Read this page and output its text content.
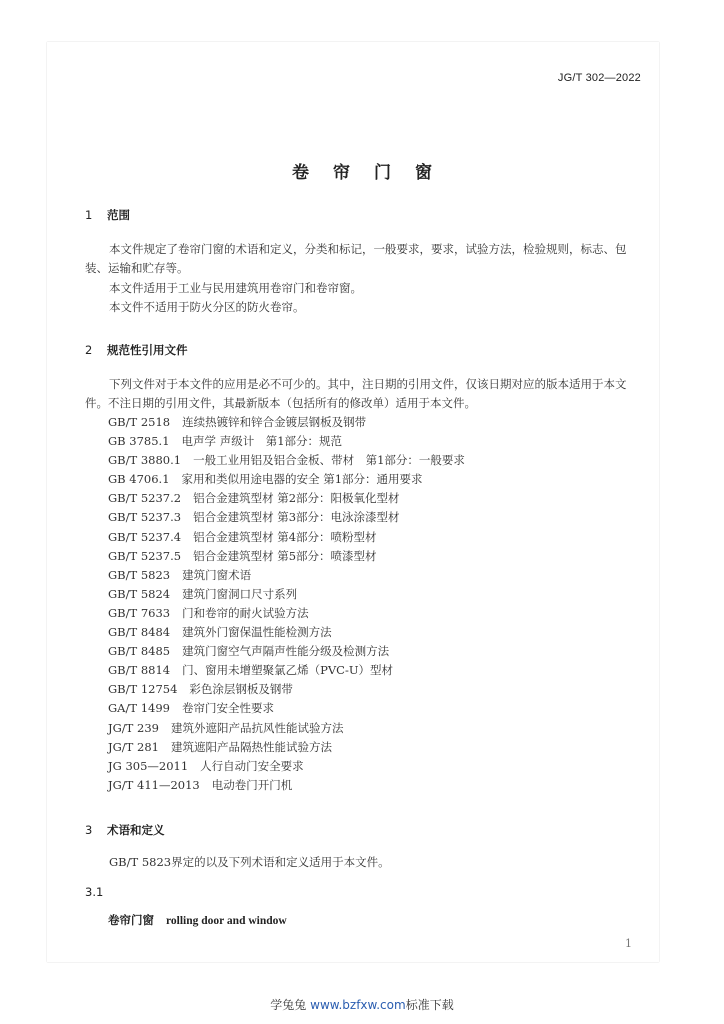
JG/T 302—2022
卷帘门窗
1 范围
本文件规定了卷帘门窗的术语和定义，分类和标记，一般要求，要求，试验方法，检验规则，标志、包装、运输和贮存等。
本文件适用于工业与民用建筑用卷帘门和卷帘窗。
本文件不适用于防火分区的防火卷帘。
2 规范性引用文件
下列文件对于本文件的应用是必不可少的。其中，注日期的引用文件，仅该日期对应的版本适用于本文件。不注日期的引用文件，其最新版本（包括所有的修改单）适用于本文件。
GB/T 2518 连续热镀锌和锌合金镀层钢板及钢带
GB 3785.1 电声学 声级计　第1部分：规范
GB/T 3880.1 一般工业用铝及铝合金板、带材　第1部分：一般要求
GB 4706.1 家用和类似用途电器的安全 第1部分：通用要求
GB/T 5237.2 铝合金建筑型材 第2部分：阳极氧化型材
GB/T 5237.3 铝合金建筑型材 第3部分：电泳涂漆型材
GB/T 5237.4 铝合金建筑型材 第4部分：喷粉型材
GB/T 5237.5 铝合金建筑型材 第5部分：喷漆型材
GB/T 5823 建筑门窗术语
GB/T 5824 建筑门窗洞口尺寸系列
GB/T 7633 门和卷帘的耐火试验方法
GB/T 8484 建筑外门窗保温性能检测方法
GB/T 8485 建筑门窗空气声隔声性能分级及检测方法
GB/T 8814 门、窗用未增塑聚氯乙烯（PVC-U）型材
GB/T 12754 彩色涂层钢板及钢带
GA/T 1499 卷帘门安全性要求
JG/T 239 建筑外遮阳产品抗风性能试验方法
JG/T 281 建筑遮阳产品隔热性能试验方法
JG 305—2011 人行自动门安全要求
JG/T 411—2013 电动卷门开门机
3 术语和定义
GB/T 5823界定的以及下列术语和定义适用于本文件。
3.1
卷帘门窗 rolling door and window
1
学兔兔 www.bzfxw.com标准下载
